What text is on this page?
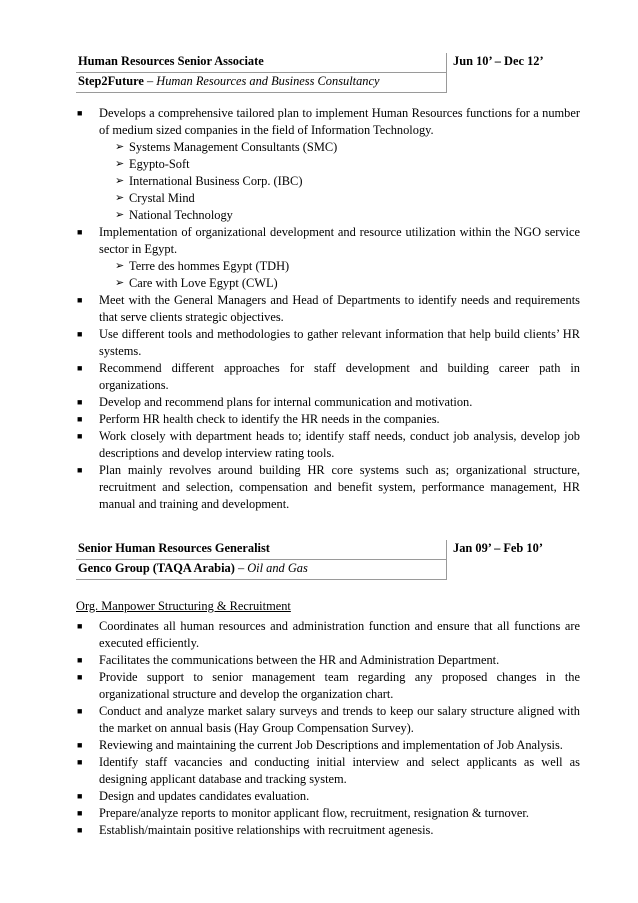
Human Resources Senior Associate	Jun 10’ – Dec 12’
Step2Future – Human Resources and Business Consultancy
■ Develops a comprehensive tailored plan to implement Human Resources functions for a number of medium sized companies in the field of Information Technology.
➢ Systems Management Consultants (SMC)
➢ Egypto-Soft
➢ International Business Corp. (IBC)
➢ Crystal Mind
➢ National Technology
■ Implementation of organizational development and resource utilization within the NGO service sector in Egypt.
➢ Terre des hommes Egypt (TDH)
➢ Care with Love Egypt (CWL)
■ Meet with the General Managers and Head of Departments to identify needs and requirements that serve clients strategic objectives.
■ Use different tools and methodologies to gather relevant information that help build clients’ HR systems.
■ Recommend different approaches for staff development and building career path in organizations.
■ Develop and recommend plans for internal communication and motivation.
■ Perform HR health check to identify the HR needs in the companies.
■ Work closely with department heads to; identify staff needs, conduct job analysis, develop job descriptions and develop interview rating tools.
■ Plan mainly revolves around building HR core systems such as; organizational structure, recruitment and selection, compensation and benefit system, performance management, HR manual and training and development.
Senior Human Resources Generalist	Jan 09’ – Feb 10’
Genco Group (TAQA Arabia) – Oil and Gas
Org. Manpower Structuring & Recruitment
■ Coordinates all human resources and administration function and ensure that all functions are executed efficiently.
■ Facilitates the communications between the HR and Administration Department.
■ Provide support to senior management team regarding any proposed changes in the organizational structure and develop the organization chart.
■ Conduct and analyze market salary surveys and trends to keep our salary structure aligned with the market on annual basis (Hay Group Compensation Survey).
■ Reviewing and maintaining the current Job Descriptions and implementation of Job Analysis.
■ Identify staff vacancies and conducting initial interview and select applicants as well as designing applicant database and tracking system.
■ Design and updates candidates evaluation.
■ Prepare/analyze reports to monitor applicant flow, recruitment, resignation & turnover.
■ Establish/maintain positive relationships with recruitment agenesis.
